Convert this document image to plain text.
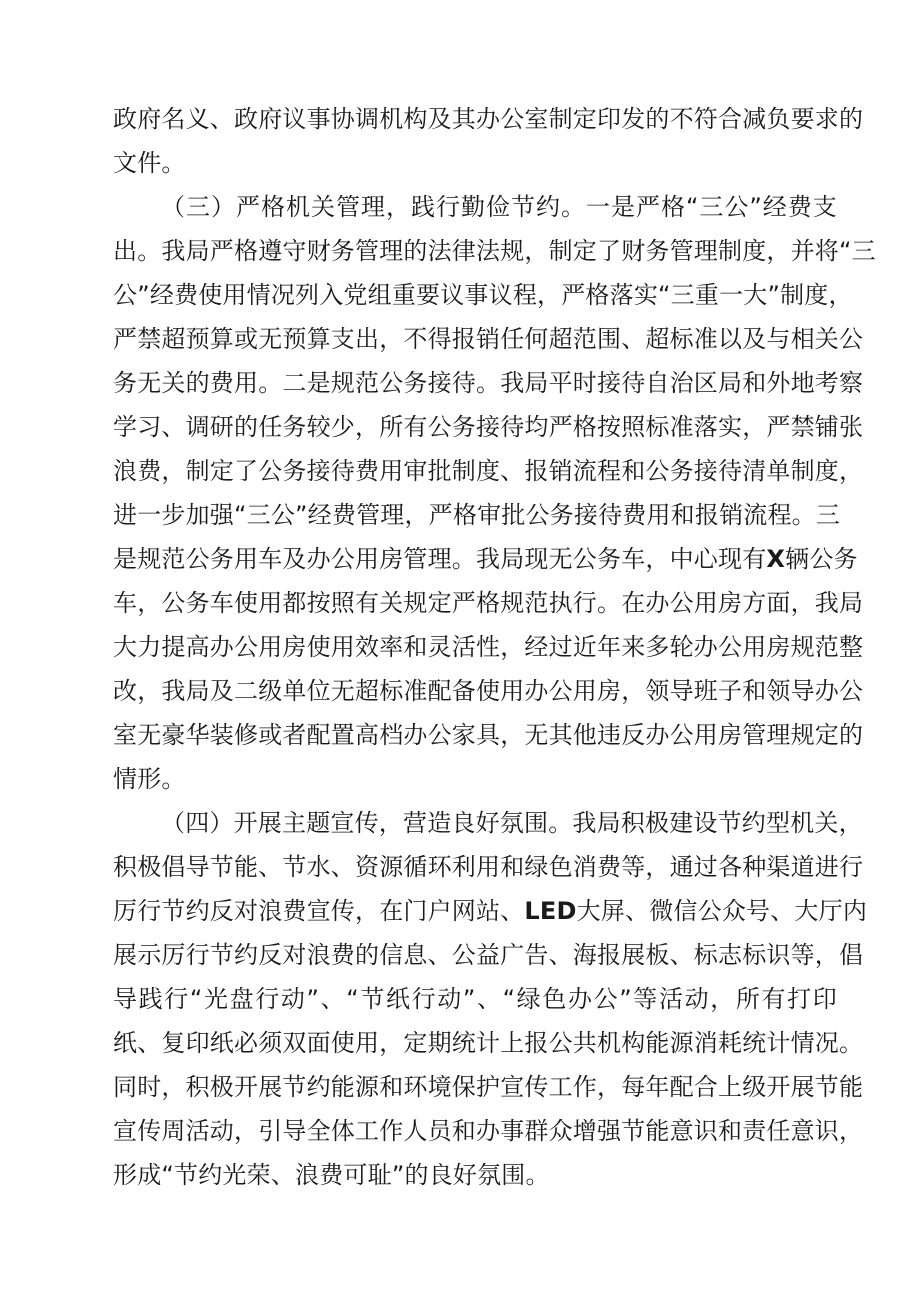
政府名义、政府议事协调机构及其办公室制定印发的不符合减负要求的
文件。
（三）严格机关管理，践行勤俭节约。一是严格“三公”经费支
出。我局严格遵守财务管理的法律法规，制定了财务管理制度，并将“三
公”经费使用情况列入党组重要议事议程，严格落实“三重一大”制度，
严禁超预算或无预算支出，不得报销任何超范围、超标准以及与相关公
务无关的费用。二是规范公务接待。我局平时接待自治区局和外地考察
学习、调研的任务较少，所有公务接待均严格按照标准落实，严禁铺张
浪费，制定了公务接待费用审批制度、报销流程和公务接待清单制度，
进一步加强“三公”经费管理，严格审批公务接待费用和报销流程。三
是规范公务用车及办公用房管理。我局现无公务车，中心现有X辆公务
车，公务车使用都按照有关规定严格规范执行。在办公用房方面，我局
大力提高办公用房使用效率和灵活性，经过近年来多轮办公用房规范整
改，我局及二级单位无超标准配备使用办公用房，领导班子和领导办公
室无豪华装修或者配置高档办公家具，无其他违反办公用房管理规定的
情形。
（四）开展主题宣传，营造良好氛围。我局积极建设节约型机关，
积极倡导节能、节水、资源循环利用和绿色消费等，通过各种渠道进行
厉行节约反对浪费宣传，在门户网站、LED大屏、微信公众号、大厅内
展示厉行节约反对浪费的信息、公益广告、海报展板、标志标识等，倡
导践行“光盘行动”、“节纸行动”、“绿色办公”等活动，所有打印
纸、复印纸必须双面使用，定期统计上报公共机构能源消耗统计情况。
同时，积极开展节约能源和环境保护宣传工作，每年配合上级开展节能
宣传周活动，引导全体工作人员和办事群众增强节能意识和责任意识，
形成“节约光荣、浪费可耻”的良好氛围。
